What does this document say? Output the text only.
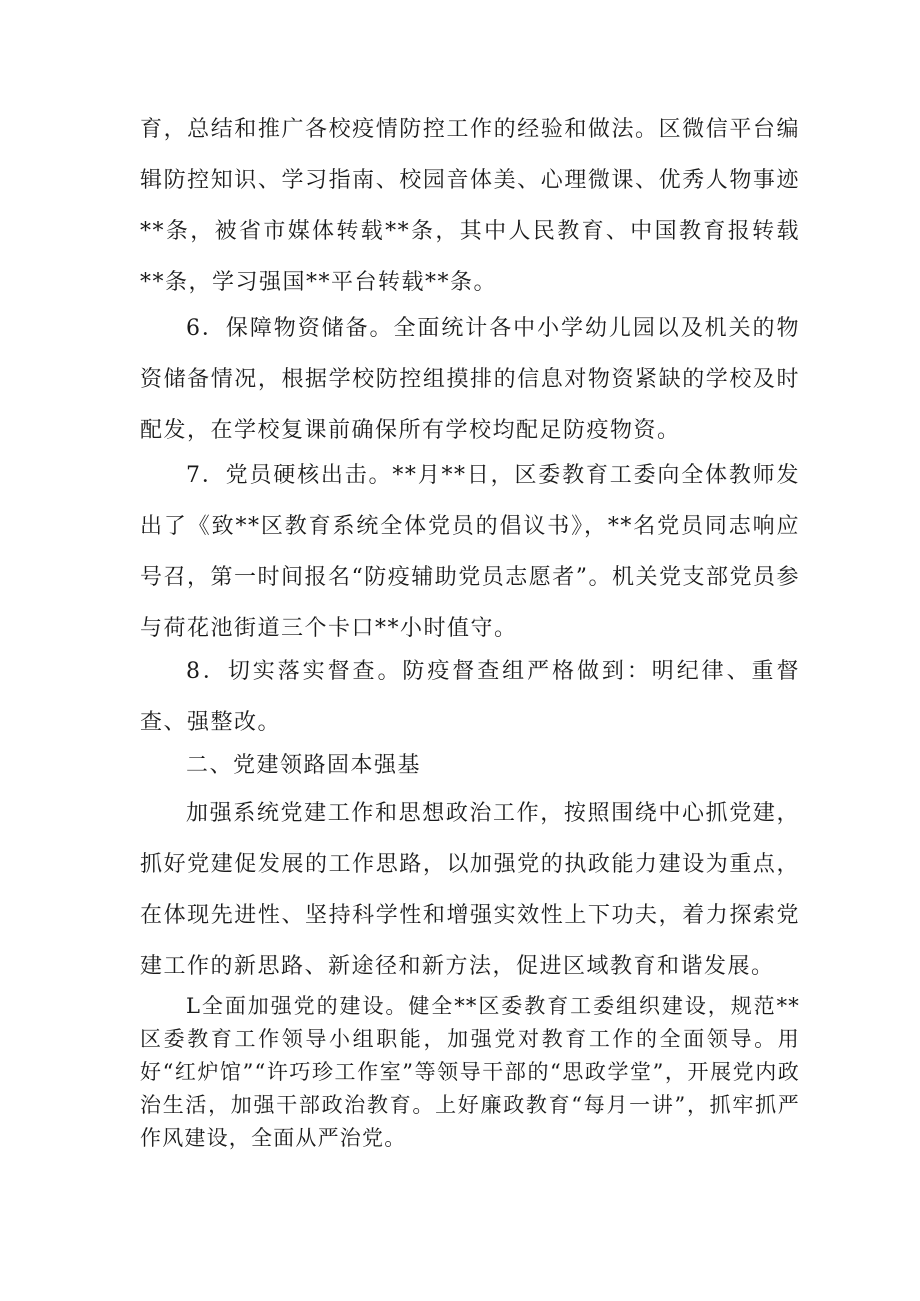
育，总结和推广各校疫情防控工作的经验和做法。区微信平台编辑防控知识、学习指南、校园音体美、心理微课、优秀人物事迹**条，被省市媒体转载**条，其中人民教育、中国教育报转载**条，学习强国**平台转载**条。

6．保障物资储备。全面统计各中小学幼儿园以及机关的物资储备情况，根据学校防控组摸排的信息对物资紧缺的学校及时配发，在学校复课前确保所有学校均配足防疫物资。

7．党员硬核出击。**月**日，区委教育工委向全体教师发出了《致**区教育系统全体党员的倡议书》，**名党员同志响应号召，第一时间报名“防疫辅助党员志愿者”。机关党支部党员参与荷花池街道三个卡口**小时值守。

8．切实落实督查。防疫督查组严格做到：明纪律、重督查、强整改。

二、党建领路固本强基

加强系统党建工作和思想政治工作，按照围绕中心抓党建，抓好党建促发展的工作思路，以加强党的执政能力建设为重点，在体现先进性、坚持科学性和增强实效性上下功夫，着力探索党建工作的新思路、新途径和新方法，促进区域教育和谐发展。

L全面加强党的建设。健全**区委教育工委组织建设，规范**区委教育工作领导小组职能，加强党对教育工作的全面领导。用好“红炉馆”“许巧珍工作室”等领导干部的“思政学堂”，开展党内政治生活，加强干部政治教育。上好廉政教育“每月一讲”，抓牢抓严作风建设，全面从严治党。
